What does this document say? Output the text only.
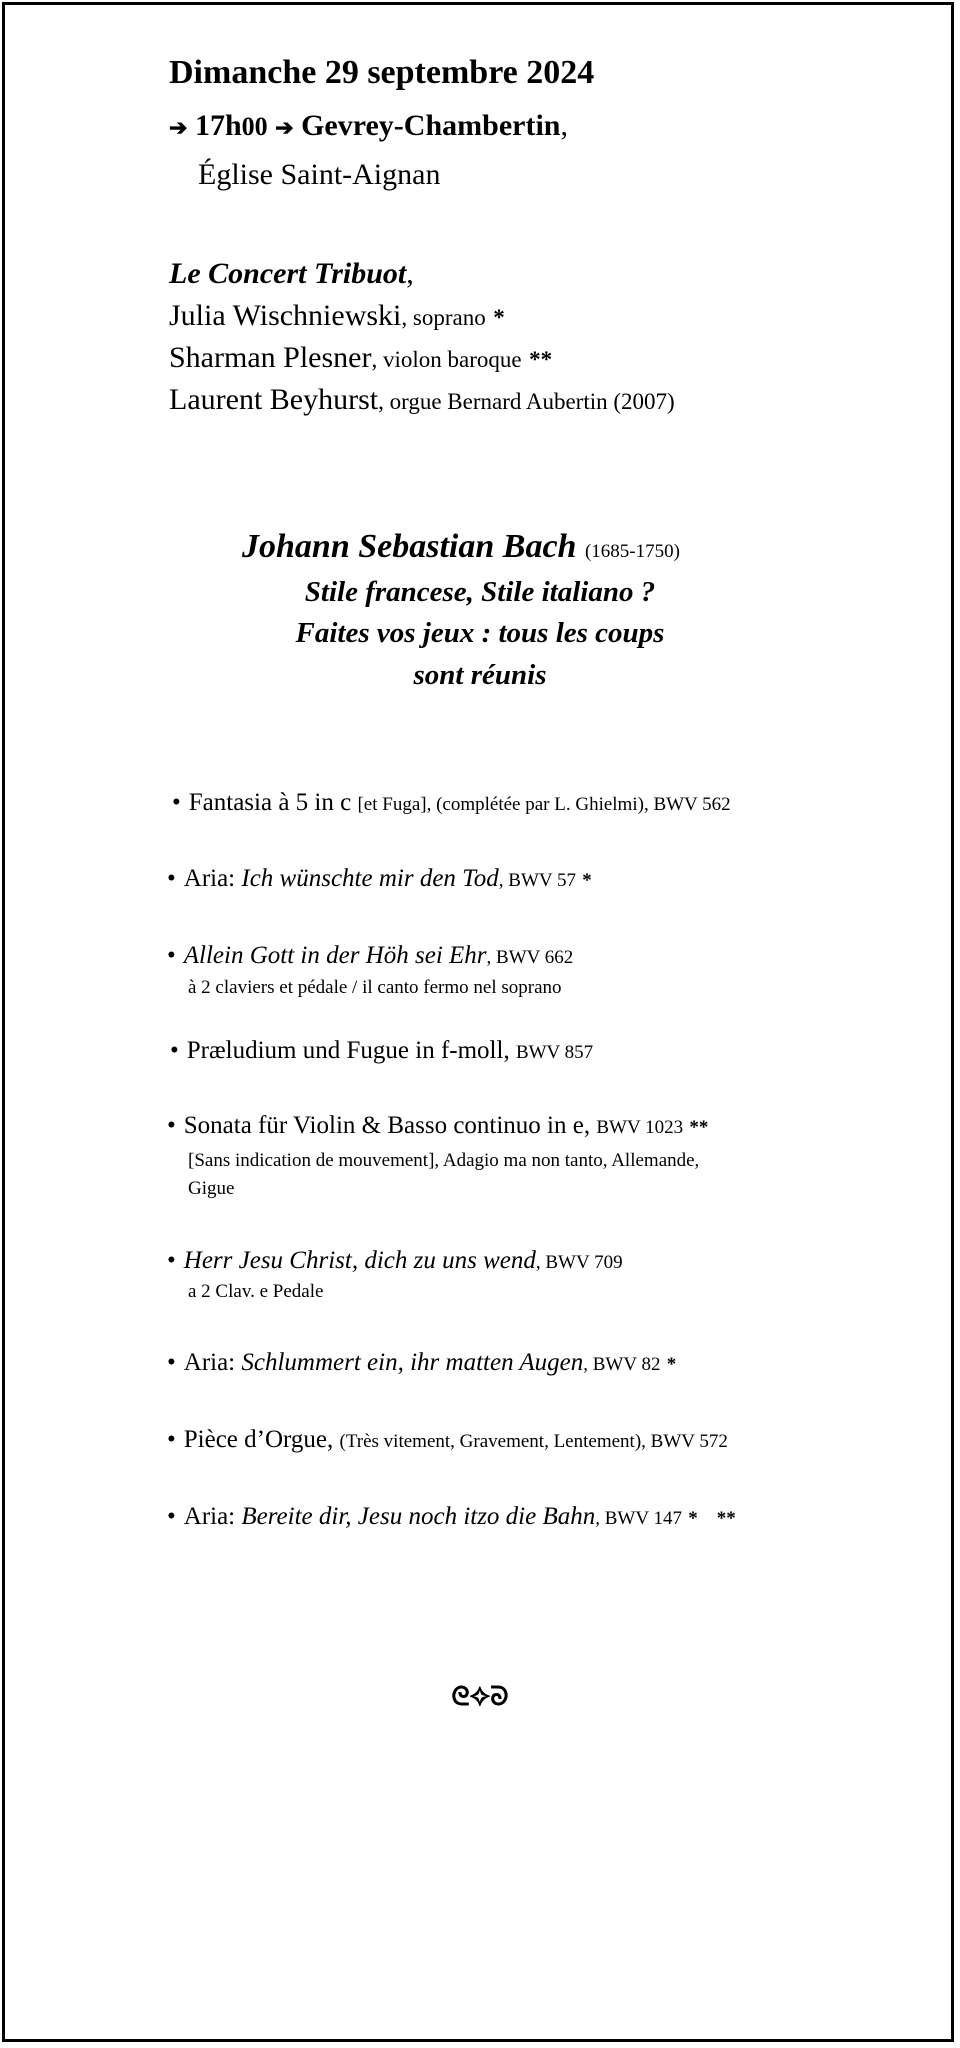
Dimanche 29 septembre 2024
➔ 17h00 ➔ Gevrey-Chambertin,
Église Saint-Aignan
Le Concert Tribuot,
Julia Wischniewski, soprano *
Sharman Plesner, violon baroque **
Laurent Beyhurst, orgue Bernard Aubertin (2007)
Johann Sebastian Bach (1685-1750)
Stile francese, Stile italiano ?
Faites vos jeux : tous les coups
sont réunis
• Fantasia à 5 in c [et Fuga], (complétée par L. Ghielmi), BWV 562
• Aria: Ich wünschte mir den Tod, BWV 57 *
• Allein Gott in der Höh sei Ehr, BWV 662
à 2 claviers et pédale / il canto fermo nel soprano
• Præludium und Fugue in f-moll, BWV 857
• Sonata für Violin & Basso continuo in e, BWV 1023 **
[Sans indication de mouvement], Adagio ma non tanto, Allemande,
Gigue
• Herr Jesu Christ, dich zu uns wend, BWV 709
a 2 Clav. e Pedale
• Aria: Schlummert ein, ihr matten Augen, BWV 82 *
• Pièce d’Orgue, (Très vitement, Gravement, Lentement), BWV 572
• Aria: Bereite dir, Jesu noch itzo die Bahn, BWV 147 *    **
ᘓ✧ᘐ
